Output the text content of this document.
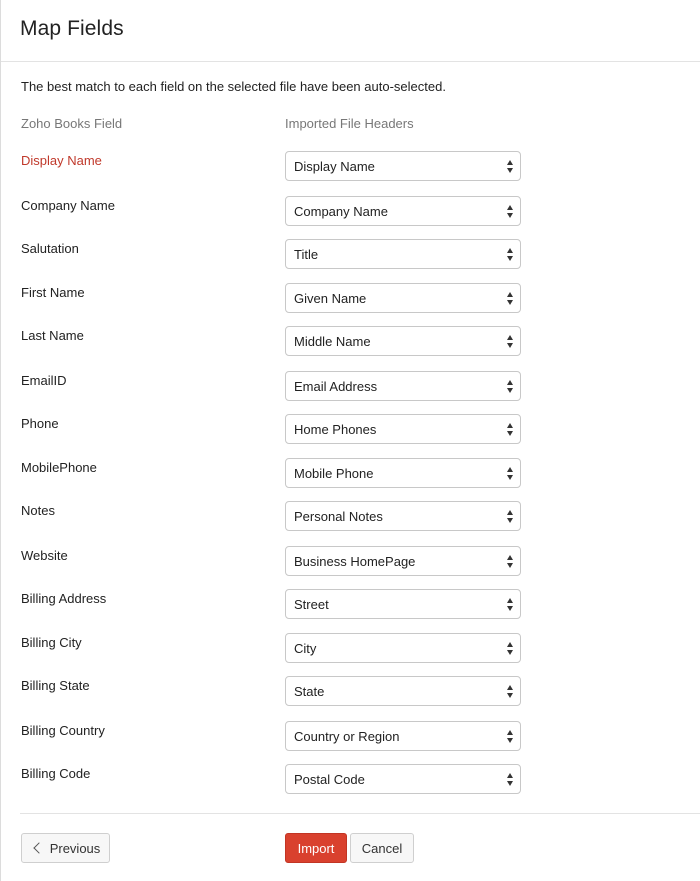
Map Fields
The best match to each field on the selected file have been auto-selected.
Zoho Books Field	Imported File Headers
Display Name	Display Name
Company Name	Company Name
Salutation	Title
First Name	Given Name
Last Name	Middle Name
EmailID	Email Address
Phone	Home Phones
MobilePhone	Mobile Phone
Notes	Personal Notes
Website	Business HomePage
Billing Address	Street
Billing City	City
Billing State	State
Billing Country	Country or Region
Billing Code	Postal Code
Previous	Import Cancel
